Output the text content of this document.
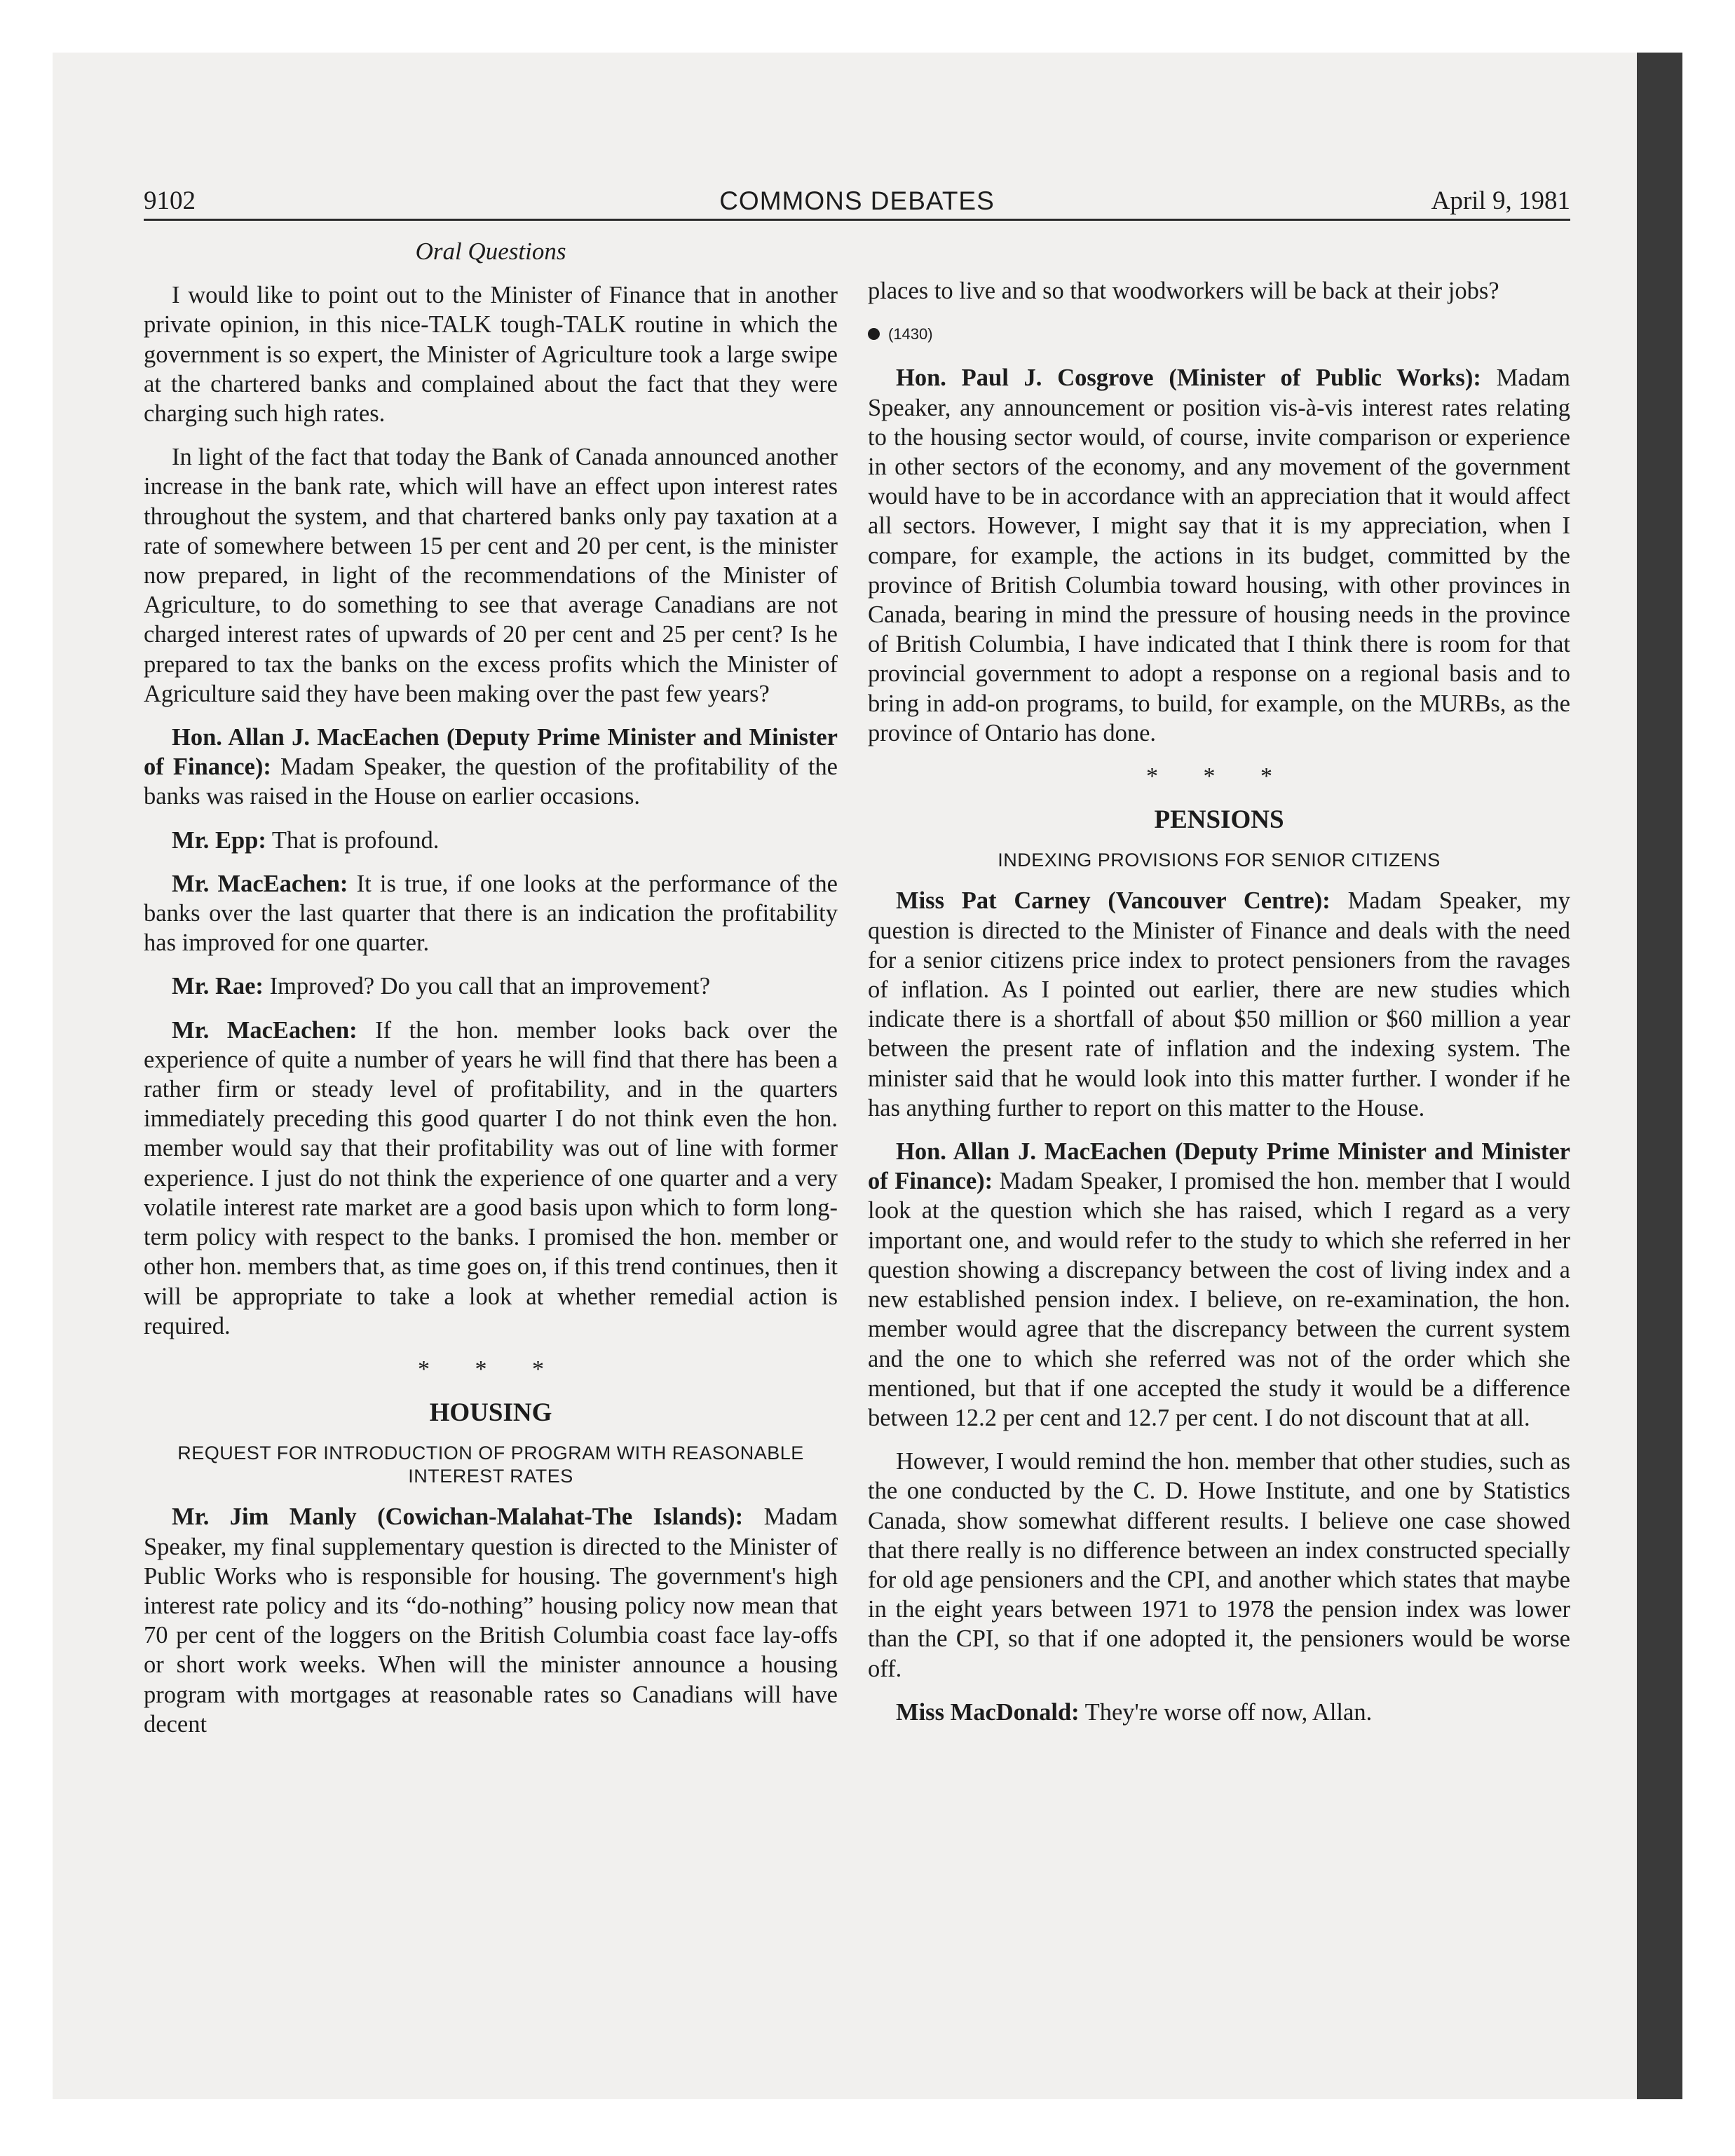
9102	COMMONS DEBATES	April 9, 1981

Oral Questions

I would like to point out to the Minister of Finance that in another private opinion, in this nice-TALK tough-TALK routine in which the government is so expert, the Minister of Agriculture took a large swipe at the chartered banks and complained about the fact that they were charging such high rates.

In light of the fact that today the Bank of Canada announced another increase in the bank rate, which will have an effect upon interest rates throughout the system, and that chartered banks only pay taxation at a rate of somewhere between 15 per cent and 20 per cent, is the minister now prepared, in light of the recommendations of the Minister of Agriculture, to do something to see that average Canadians are not charged interest rates of upwards of 20 per cent and 25 per cent? Is he prepared to tax the banks on the excess profits which the Minister of Agriculture said they have been making over the past few years?

Hon. Allan J. MacEachen (Deputy Prime Minister and Minister of Finance): Madam Speaker, the question of the profitability of the banks was raised in the House on earlier occasions.

Mr. Epp: That is profound.

Mr. MacEachen: It is true, if one looks at the performance of the banks over the last quarter that there is an indication the profitability has improved for one quarter.

Mr. Rae: Improved? Do you call that an improvement?

Mr. MacEachen: If the hon. member looks back over the experience of quite a number of years he will find that there has been a rather firm or steady level of profitability, and in the quarters immediately preceding this good quarter I do not think even the hon. member would say that their profitability was out of line with former experience. I just do not think the experience of one quarter and a very volatile interest rate market are a good basis upon which to form long-term policy with respect to the banks. I promised the hon. member or other hon. members that, as time goes on, if this trend continues, then it will be appropriate to take a look at whether remedial action is required.

* * *

HOUSING

REQUEST FOR INTRODUCTION OF PROGRAM WITH REASONABLE INTEREST RATES

Mr. Jim Manly (Cowichan-Malahat-The Islands): Madam Speaker, my final supplementary question is directed to the Minister of Public Works who is responsible for housing. The government's high interest rate policy and its “do-nothing” housing policy now mean that 70 per cent of the loggers on the British Columbia coast face lay-offs or short work weeks. When will the minister announce a housing program with mortgages at reasonable rates so Canadians will have decent

places to live and so that woodworkers will be back at their jobs?

(1430)

Hon. Paul J. Cosgrove (Minister of Public Works): Madam Speaker, any announcement or position vis-à-vis interest rates relating to the housing sector would, of course, invite comparison or experience in other sectors of the economy, and any movement of the government would have to be in accordance with an appreciation that it would affect all sectors. However, I might say that it is my appreciation, when I compare, for example, the actions in its budget, committed by the province of British Columbia toward housing, with other provinces in Canada, bearing in mind the pressure of housing needs in the province of British Columbia, I have indicated that I think there is room for that provincial government to adopt a response on a regional basis and to bring in add-on programs, to build, for example, on the MURBs, as the province of Ontario has done.

* * *

PENSIONS

INDEXING PROVISIONS FOR SENIOR CITIZENS

Miss Pat Carney (Vancouver Centre): Madam Speaker, my question is directed to the Minister of Finance and deals with the need for a senior citizens price index to protect pensioners from the ravages of inflation. As I pointed out earlier, there are new studies which indicate there is a shortfall of about $50 million or $60 million a year between the present rate of inflation and the indexing system. The minister said that he would look into this matter further. I wonder if he has anything further to report on this matter to the House.

Hon. Allan J. MacEachen (Deputy Prime Minister and Minister of Finance): Madam Speaker, I promised the hon. member that I would look at the question which she has raised, which I regard as a very important one, and would refer to the study to which she referred in her question showing a discrepancy between the cost of living index and a new established pension index. I believe, on re-examination, the hon. member would agree that the discrepancy between the current system and the one to which she referred was not of the order which she mentioned, but that if one accepted the study it would be a difference between 12.2 per cent and 12.7 per cent. I do not discount that at all.

However, I would remind the hon. member that other studies, such as the one conducted by the C. D. Howe Institute, and one by Statistics Canada, show somewhat different results. I believe one case showed that there really is no difference between an index constructed specially for old age pensioners and the CPI, and another which states that maybe in the eight years between 1971 to 1978 the pension index was lower than the CPI, so that if one adopted it, the pensioners would be worse off.

Miss MacDonald: They're worse off now, Allan.
